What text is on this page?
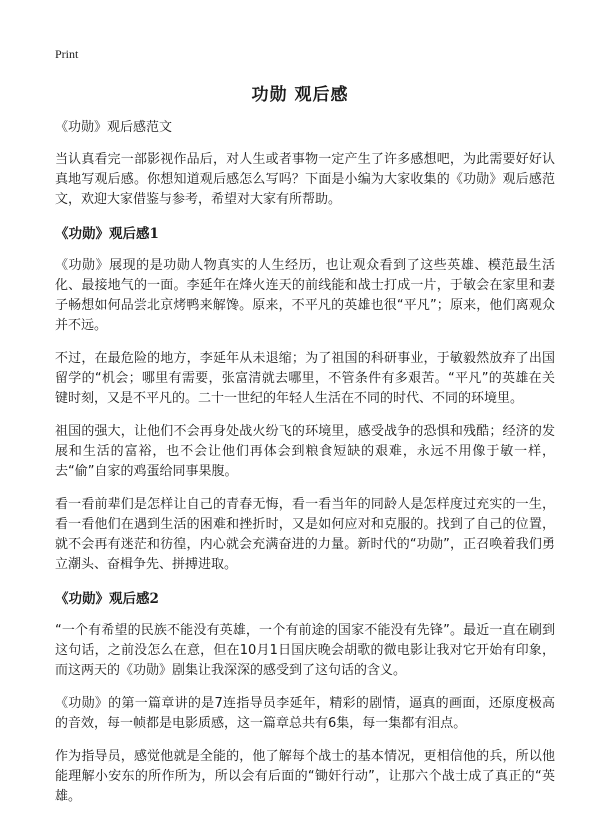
Print
功勋 观后感

《功勋》观后感范文

当认真看完一部影视作品后，对人生或者事物一定产生了许多感想吧，为此需要好好认真地写观后感。你想知道观后感怎么写吗？下面是小编为大家收集的《功勋》观后感范文，欢迎大家借鉴与参考，希望对大家有所帮助。

《功勋》观后感1

《功勋》展现的是功勋人物真实的人生经历，也让观众看到了这些英雄、模范最生活化、最接地气的一面。李延年在烽火连天的前线能和战士打成一片，于敏会在家里和妻子畅想如何品尝北京烤鸭来解馋。原来，不平凡的英雄也很“平凡”；原来，他们离观众并不远。

不过，在最危险的地方，李延年从未退缩；为了祖国的科研事业，于敏毅然放弃了出国留学的“机会；哪里有需要，张富清就去哪里，不管条件有多艰苦。“平凡”的英雄在关键时刻，又是不平凡的。二十一世纪的年轻人生活在不同的时代、不同的环境里。

祖国的强大，让他们不会再身处战火纷飞的环境里，感受战争的恐惧和残酷；经济的发展和生活的富裕，也不会让他们再体会到粮食短缺的艰难，永远不用像于敏一样，去“偷”自家的鸡蛋给同事果腹。

看一看前辈们是怎样让自己的青春无悔，看一看当年的同龄人是怎样度过充实的一生，看一看他们在遇到生活的困难和挫折时，又是如何应对和克服的。找到了自己的位置，就不会再有迷茫和彷徨，内心就会充满奋进的力量。新时代的“功勋”，正召唤着我们勇立潮头、奋楫争先、拼搏进取。

《功勋》观后感2

“一个有希望的民族不能没有英雄，一个有前途的国家不能没有先锋”。最近一直在刷到这句话，之前没怎么在意，但在10月1日国庆晚会胡歌的微电影让我对它开始有印象，而这两天的《功勋》剧集让我深深的感受到了这句话的含义。

《功勋》的第一篇章讲的是7连指导员李延年，精彩的剧情，逼真的画面，还原度极高的音效，每一帧都是电影质感，这一篇章总共有6集，每一集都有泪点。

作为指导员，感觉他就是全能的，他了解每个战士的基本情况，更相信他的兵，所以他能理解小安东的所作所为，所以会有后面的“锄奸行动”，让那六个战士成了真正的“英雄。
